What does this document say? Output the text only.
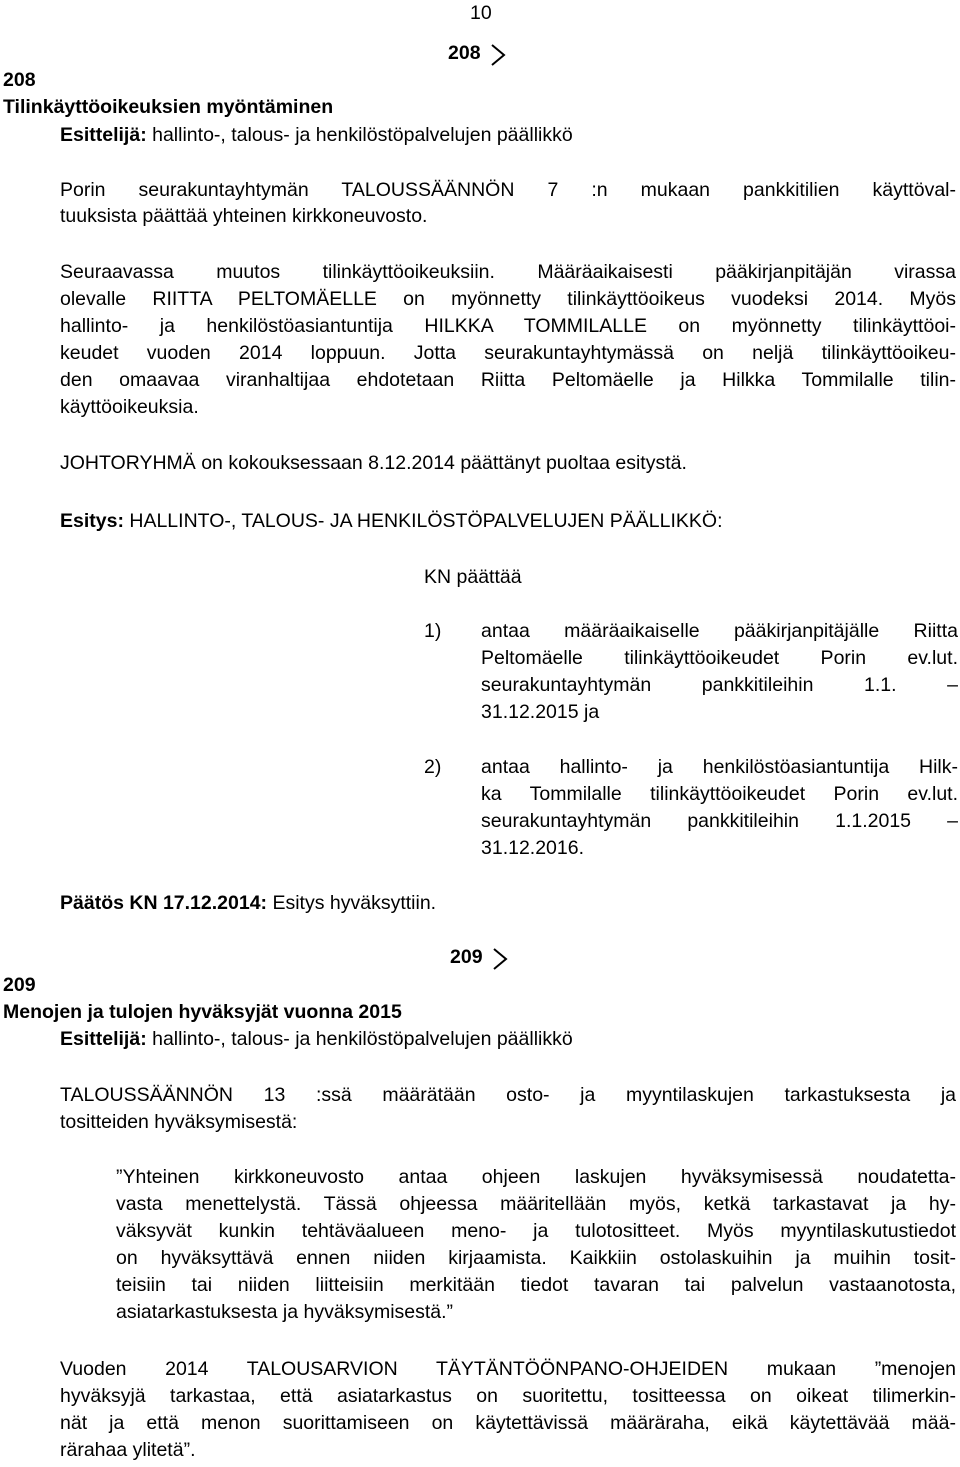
10
208
208
Tilinkäyttöoikeuksien myöntäminen
Esittelijä: hallinto-, talous- ja henkilöstöpalvelujen päällikkö
Porin seurakuntayhtymän TALOUSSÄÄNNÖN 7 :n mukaan pankkitilien käyttöval-
tuuksista päättää yhteinen kirkkoneuvosto.
Seuraavassa muutos tilinkäyttöoikeuksiin. Määräaikaisesti pääkirjanpitäjän virassa
olevalle RIITTA PELTOMÄELLE on myönnetty tilinkäyttöoikeus vuodeksi 2014. Myös
hallinto- ja henkilöstöasiantuntija HILKKA TOMMILALLE on myönnetty tilinkäyttöoi-
keudet vuoden 2014 loppuun. Jotta seurakuntayhtymässä on neljä tilinkäyttöoikeu-
den omaavaa viranhaltijaa ehdotetaan Riitta Peltomäelle ja Hilkka Tommilalle tilin-
käyttöoikeuksia.
JOHTORYHMÄ on kokouksessaan 8.12.2014 päättänyt puoltaa esitystä.
Esitys: HALLINTO-, TALOUS- JA HENKILÖSTÖPALVELUJEN PÄÄLLIKKÖ:
KN päättää
1) antaa määräaikaiselle pääkirjanpitäjälle Riitta
Peltomäelle tilinkäyttöoikeudet Porin ev.lut.
seurakuntayhtymän pankkitileihin 1.1. –
31.12.2015 ja
2) antaa hallinto- ja henkilöstöasiantuntija Hilk-
ka Tommilalle tilinkäyttöoikeudet Porin ev.lut.
seurakuntayhtymän pankkitileihin 1.1.2015 –
31.12.2016.
Päätös KN 17.12.2014: Esitys hyväksyttiin.
209
209
Menojen ja tulojen hyväksyjät vuonna 2015
Esittelijä: hallinto-, talous- ja henkilöstöpalvelujen päällikkö
TALOUSSÄÄNNÖN 13 :ssä määrätään osto- ja myyntilaskujen tarkastuksesta ja
tositteiden hyväksymisestä:
”Yhteinen kirkkoneuvosto antaa ohjeen laskujen hyväksymisessä noudatetta-
vasta menettelystä. Tässä ohjeessa määritellään myös, ketkä tarkastavat ja hy-
väksyvät kunkin tehtäväalueen meno- ja tulotositteet. Myös myyntilaskutustiedot
on hyväksyttävä ennen niiden kirjaamista. Kaikkiin ostolaskuihin ja muihin tosit-
teisiin tai niiden liitteisiin merkitään tiedot tavaran tai palvelun vastaanotosta,
asiatarkastuksesta ja hyväksymisestä.”
Vuoden 2014 TALOUSARVION TÄYTÄNTÖÖNPANO-OHJEIDEN mukaan ”menojen
hyväksyjä tarkastaa, että asiatarkastus on suoritettu, tositteessa on oikeat tilimerkin-
nät ja että menon suorittamiseen on käytettävissä määräraha, eikä käytettävää mää-
rärahaa ylitetä”.
